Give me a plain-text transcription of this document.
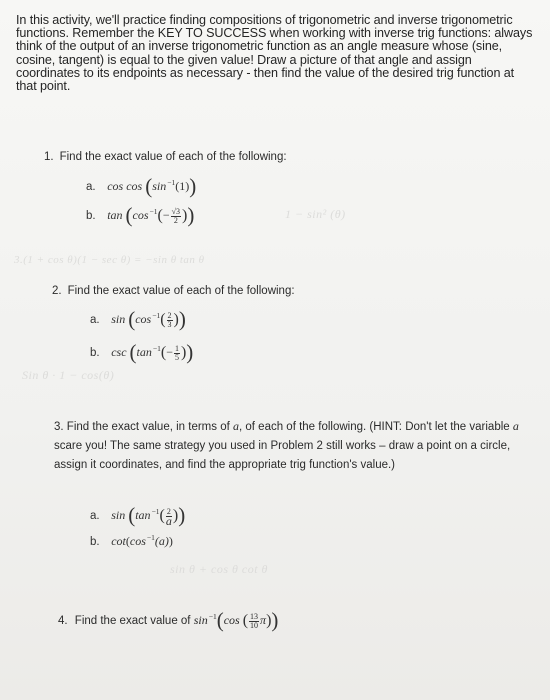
In this activity, we'll practice finding compositions of trigonometric and inverse trigonometric functions. Remember the KEY TO SUCCESS when working with inverse trig functions: always think of the output of an inverse trigonometric function as an angle measure whose (sine, cosine, tangent) is equal to the given value! Draw a picture of that angle and assign coordinates to its endpoints as necessary - then find the value of the desired trig function at that point.
1 − sin² (θ)
3.(1 + cos θ)(1 − sec θ) = −sin θ tan θ
Sin θ · 1 − cos(θ)
sin θ + cos θ cot θ
1. Find the exact value of each of the following:
a. $\cos \cos (\sin^{-1}(1))$
b. $\tan (\cos^{-1}(- \frac{√3}{2}$ ))
2. Find the exact value of each of the following:
a. $\sin (\cos^{-1}( \frac{2}{3}$ ))
b. $\csc (\tan^{-1}(- \frac{1}{5}$ ))
3. Find the exact value, in terms of a, of each of the following. (HINT: Don't let the variable a scare you! The same strategy you used in Problem 2 still works – draw a point on a circle, assign it coordinates, and find the appropriate trig function's value.)
a. $\sin (\tan^{-1}( \frac{2}{a}$ ))
b. $\cot(\cos^{-1}(a))$
4. Find the exact value of $\sin^{-1}(\cos$ ( $\frac{13}{10} \pi$))
